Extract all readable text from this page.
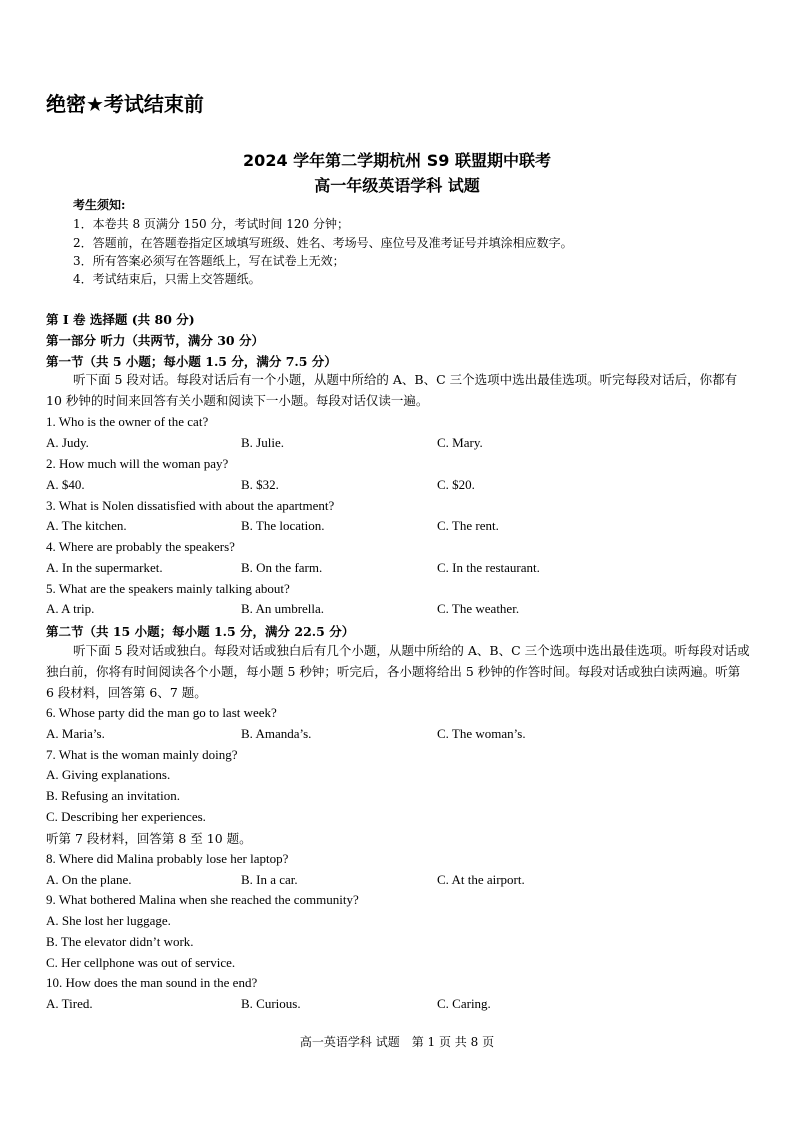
绝密★考试结束前
2024 学年第二学期杭州 S9 联盟期中联考
高一年级英语学科 试题
考生须知:
1．本卷共 8 页满分 150 分，考试时间 120 分钟；
2．答题前，在答题卷指定区域填写班级、姓名、考场号、座位号及准考证号并填涂相应数字。
3．所有答案必须写在答题纸上，写在试卷上无效；
4．考试结束后，只需上交答题纸。
第 I 卷 选择题 (共 80 分)
第一部分 听力（共两节，满分 30 分）
第一节（共 5 小题；每小题 1.5 分，满分 7.5 分）
听下面 5 段对话。每段对话后有一个小题，从题中所给的 A、B、C 三个选项中选出最佳选项。听完每段对话后，你都有 10 秒钟的时间来回答有关小题和阅读下一小题。每段对话仅读一遍。
1. Who is the owner of the cat?
A. Judy.	B. Julie.	C. Mary.
2. How much will the woman pay?
A. $40.	B. $32.	C. $20.
3. What is Nolen dissatisfied with about the apartment?
A. The kitchen.	B. The location.	C. The rent.
4. Where are probably the speakers?
A. In the supermarket.	B. On the farm.	C. In the restaurant.
5. What are the speakers mainly talking about?
A. A trip.	B. An umbrella.	C. The weather.
第二节（共 15 小题；每小题 1.5 分，满分 22.5 分）
听下面 5 段对话或独白。每段对话或独白后有几个小题，从题中所给的 A、B、C 三个选项中选出最佳选项。听每段对话或独白前，你将有时间阅读各个小题，每小题 5 秒钟；听完后，各小题将给出 5 秒钟的作答时间。每段对话或独白读两遍。听第 6 段材料，回答第 6、7 题。
6. Whose party did the man go to last week?
A. Maria’s.	B. Amanda’s.	C. The woman’s.
7. What is the woman mainly doing?
A. Giving explanations.
B. Refusing an invitation.
C. Describing her experiences.
听第 7 段材料，回答第 8 至 10 题。
8. Where did Malina probably lose her laptop?
A. On the plane.	B. In a car.	C. At the airport.
9. What bothered Malina when she reached the community?
A. She lost her luggage.
B. The elevator didn’t work.
C. Her cellphone was out of service.
10. How does the man sound in the end?
A. Tired.	B. Curious.	C. Caring.
高一英语学科 试题　第 1 页 共 8 页
